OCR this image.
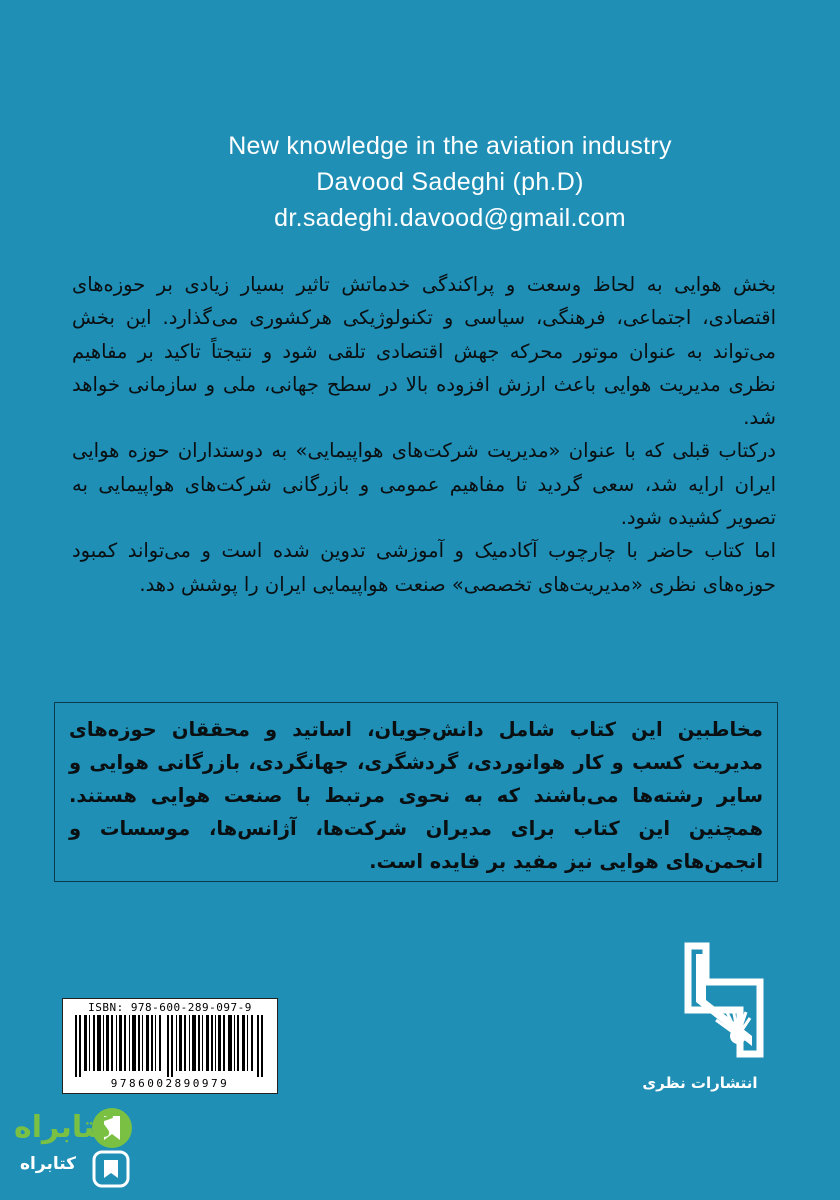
New knowledge in the aviation industry
Davood Sadeghi (ph.D)
dr.sadeghi.davood@gmail.com

بخش هوایی به لحاظ وسعت و پراکندگی خدماتش تاثیر بسیار زیادی بر حوزه‌های اقتصادی، اجتماعی، فرهنگی، سیاسی و تکنولوژیکی هرکشوری می‌گذارد. این بخش می‌تواند به عنوان موتور محرکه جهش اقتصادی تلقی شود و نتیجتاً تاکید بر مفاهیم نظری مدیریت هوایی باعث ارزش افزوده بالا در سطح جهانی، ملی و سازمانی خواهد شد.

درکتاب قبلی که با عنوان «مدیریت شرکت‌های هواپیمایی» به دوستداران حوزه هوایی ایران ارایه شد، سعی گردید تا مفاهیم عمومی و بازرگانی شرکت‌های هواپیمایی به تصویر کشیده شود.

اما کتاب حاضر با چارچوب آکادمیک و آموزشی تدوین شده است و می‌تواند کمبود حوزه‌های نظری «مدیریت‌های تخصصی» صنعت هواپیمایی ایران را پوشش دهد.

مخاطبین این کتاب شامل دانش‌جویان، اساتید و محققان حوزه‌های مدیریت کسب و کار هوانوردی، گردشگری، جهانگردی، بازرگانی هوایی و سایر رشته‌ها می‌باشند که به نحوی مرتبط با صنعت هوایی هستند. همچنین این کتاب برای مدیران شرکت‌ها، آژانس‌ها، موسسات و انجمن‌های هوایی نیز مفید بر فایده است.
ISBN: 978-600-289-097-9
9786002890979	انتشارات نظری
کتابراه
کتابراه
